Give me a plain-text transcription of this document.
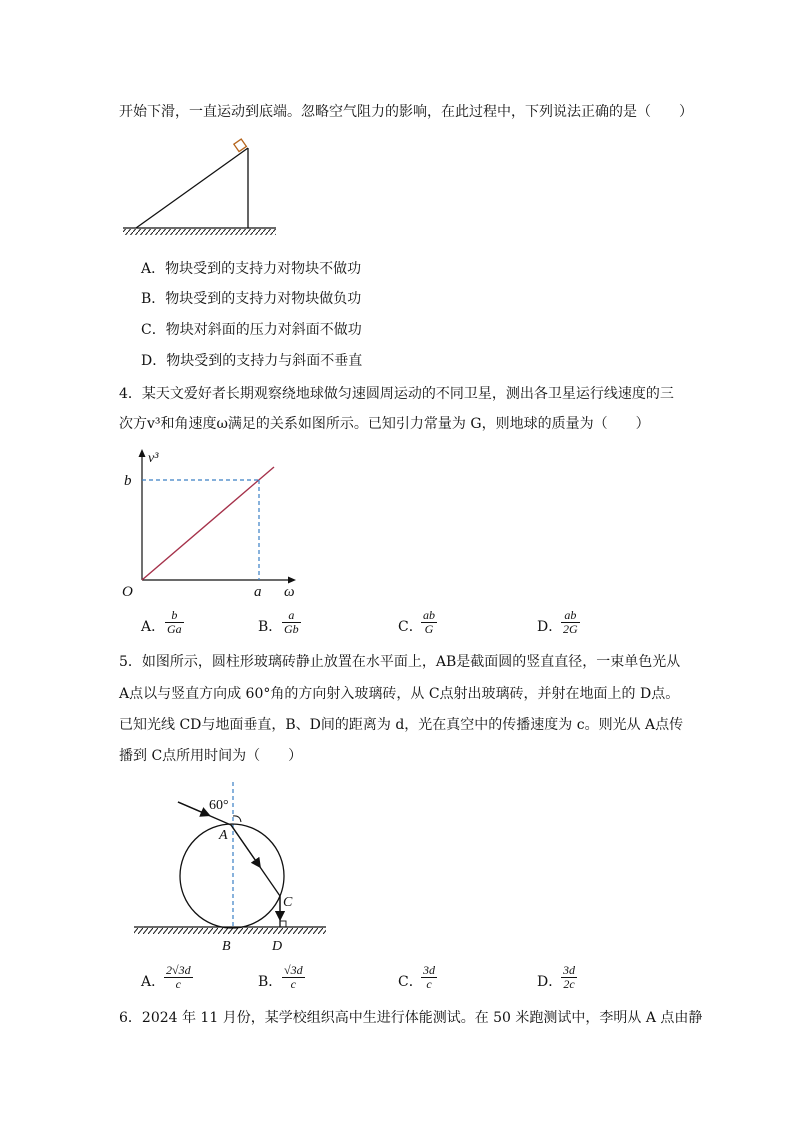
开始下滑，一直运动到底端。忽略空气阻力的影响，在此过程中，下列说法正确的是（　　）
A．物块受到的支持力对物块不做功
B．物块受到的支持力对物块做负功
C．物块对斜面的压力对斜面不做功
D．物块受到的支持力与斜面不垂直
4．某天文爱好者长期观察绕地球做匀速圆周运动的不同卫星，测出各卫星运行线速度的三
次方v³和角速度ω满足的关系如图所示。已知引力常量为 G，则地球的质量为（　　）
v³
b
O	a ω
A．
b
Ga	B．
a
Gb	C．
ab
G	D．
ab
2G
5．如图所示，圆柱形玻璃砖静止放置在水平面上，AB是截面圆的竖直直径，一束单色光从
A点以与竖直方向成 60°角的方向射入玻璃砖，从 C点射出玻璃砖，并射在地面上的 D点。
已知光线 CD与地面垂直，B、D间的距离为 d，光在真空中的传播速度为 c。则光从 A点传
播到 C点所用时间为（　　）
60°
A
C
B	D
A．
2√3d
c	B．
√3d
c	C．
3d
c	D．
3d
2c
6．2024 年 11 月份，某学校组织高中生进行体能测试。在 50 米跑测试中，李明从 A 点由静
